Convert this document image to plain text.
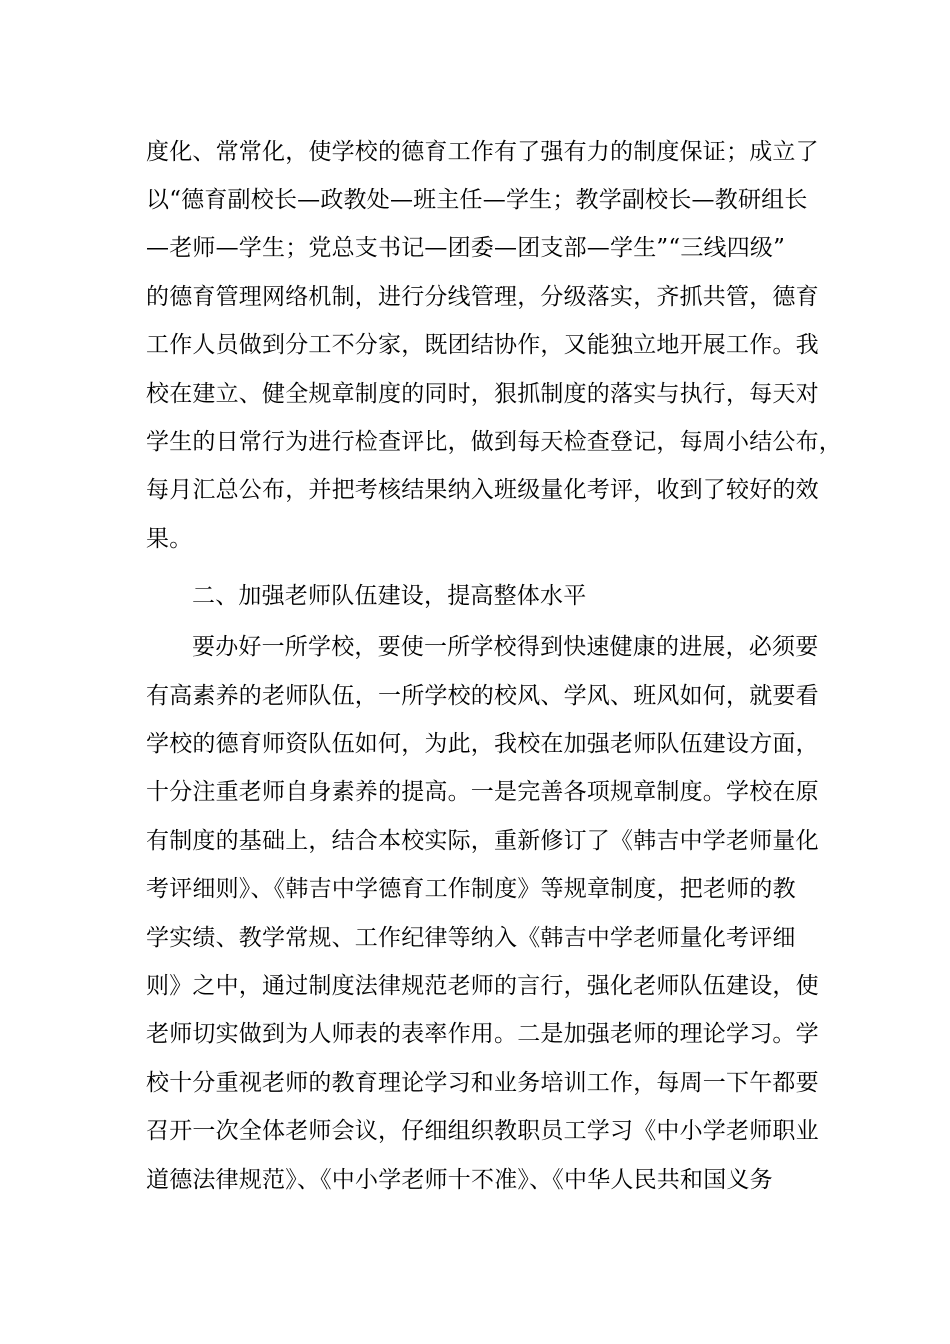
度化、常常化，使学校的德育工作有了强有力的制度保证；成立了
以“德育副校长—政教处—班主任—学生；教学副校长—教研组长
—老师—学生；党总支书记—团委—团支部—学生”“三线四级”
的德育管理网络机制，进行分线管理，分级落实，齐抓共管，德育
工作人员做到分工不分家，既团结协作，又能独立地开展工作。我
校在建立、健全规章制度的同时，狠抓制度的落实与执行，每天对
学生的日常行为进行检查评比，做到每天检查登记，每周小结公布，
每月汇总公布，并把考核结果纳入班级量化考评，收到了较好的效
果。
二、加强老师队伍建设，提高整体水平
要办好一所学校，要使一所学校得到快速健康的进展，必须要
有高素养的老师队伍，一所学校的校风、学风、班风如何，就要看
学校的德育师资队伍如何，为此，我校在加强老师队伍建设方面，
十分注重老师自身素养的提高。一是完善各项规章制度。学校在原
有制度的基础上，结合本校实际，重新修订了《韩吉中学老师量化
考评细则》、《韩吉中学德育工作制度》等规章制度，把老师的教
学实绩、教学常规、工作纪律等纳入《韩吉中学老师量化考评细
则》之中，通过制度法律规范老师的言行，强化老师队伍建设，使
老师切实做到为人师表的表率作用。二是加强老师的理论学习。学
校十分重视老师的教育理论学习和业务培训工作，每周一下午都要
召开一次全体老师会议，仔细组织教职员工学习《中小学老师职业
道德法律规范》、《中小学老师十不准》、《中华人民共和国义务
